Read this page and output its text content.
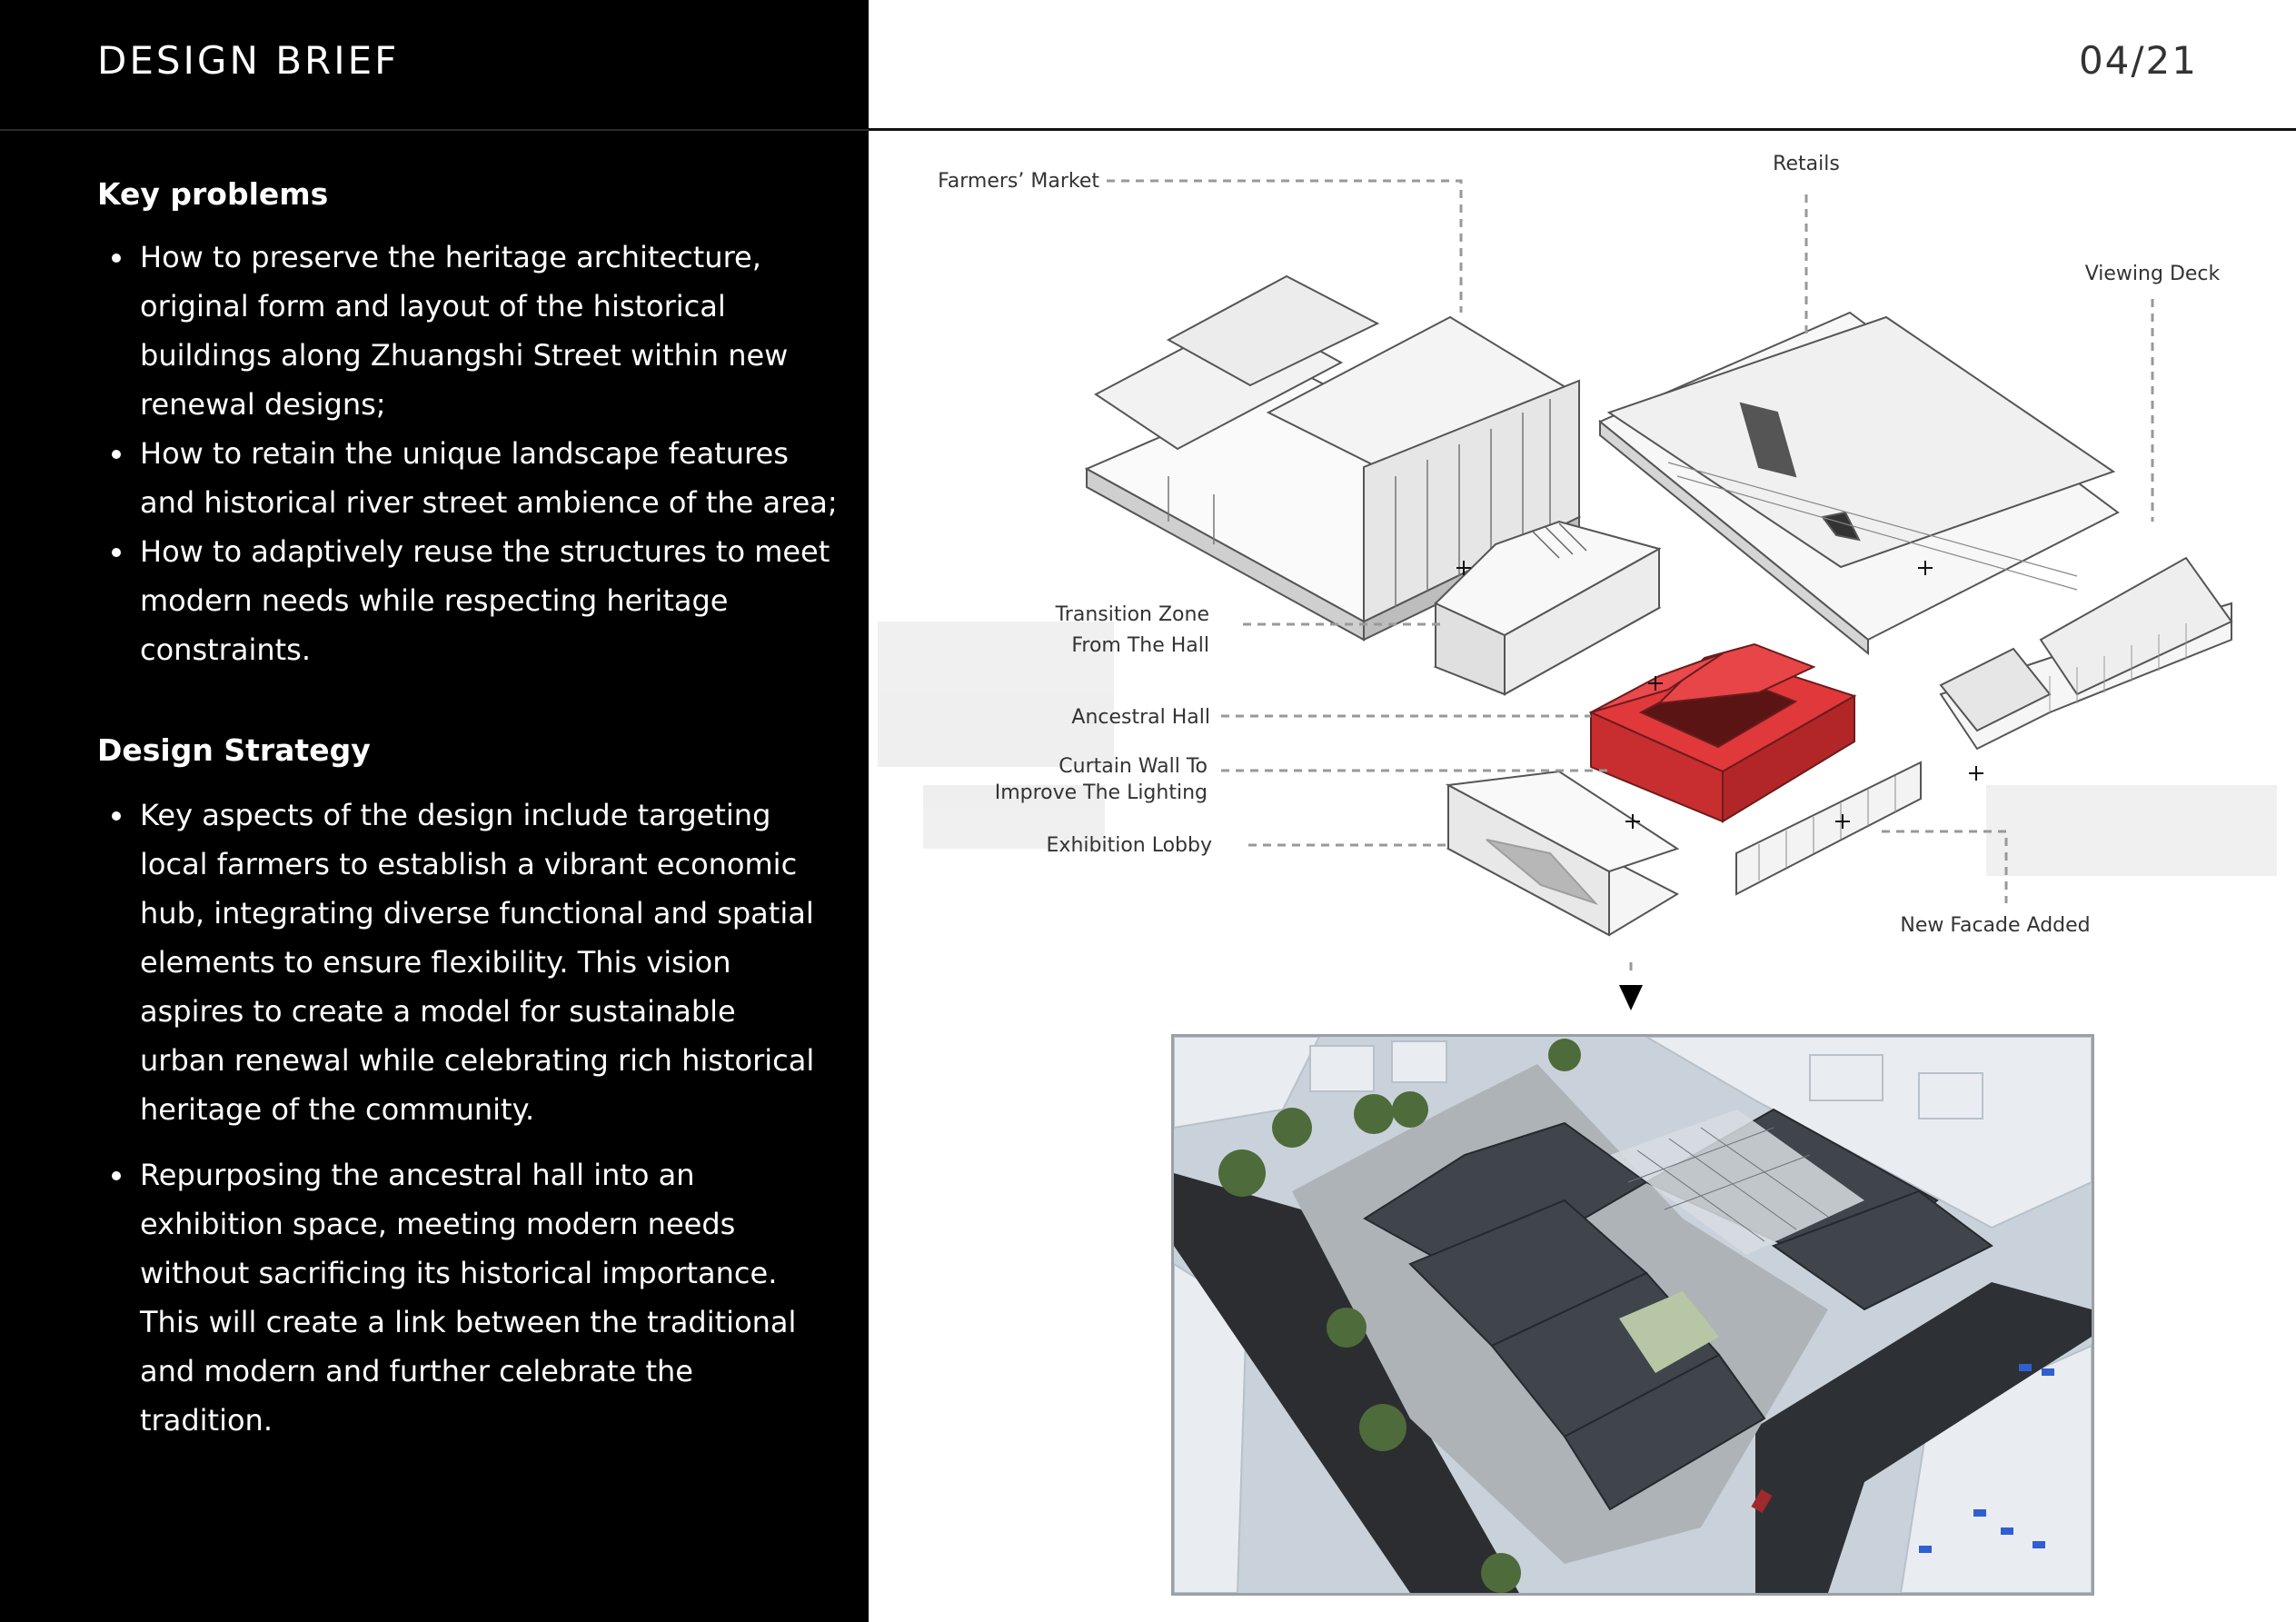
DESIGN BRIEF
Key problems
How to preserve the heritage architecture, original form and layout of the historical buildings along Zhuangshi Street within new renewal designs;
How to retain the unique landscape features and historical river street ambience of the area;
How to adaptively reuse the structures to meet modern needs while respecting heritage constraints.
Design Strategy
Key aspects of the design include targeting local farmers to establish a vibrant economic hub, integrating diverse functional and spatial elements to ensure flexibility. This vision aspires to create a model for sustainable urban renewal while celebrating rich historical heritage of the community.
Repurposing the ancestral hall into an exhibition space, meeting modern needs without sacrificing its historical importance. This will create a link between the traditional and modern and further celebrate the tradition.
04/21
Farmers’ Market
Retails
Viewing Deck
Transition Zone
From The Hall
Ancestral Hall
Curtain Wall To
Improve The Lighting
Exhibition Lobby
New Facade Added
